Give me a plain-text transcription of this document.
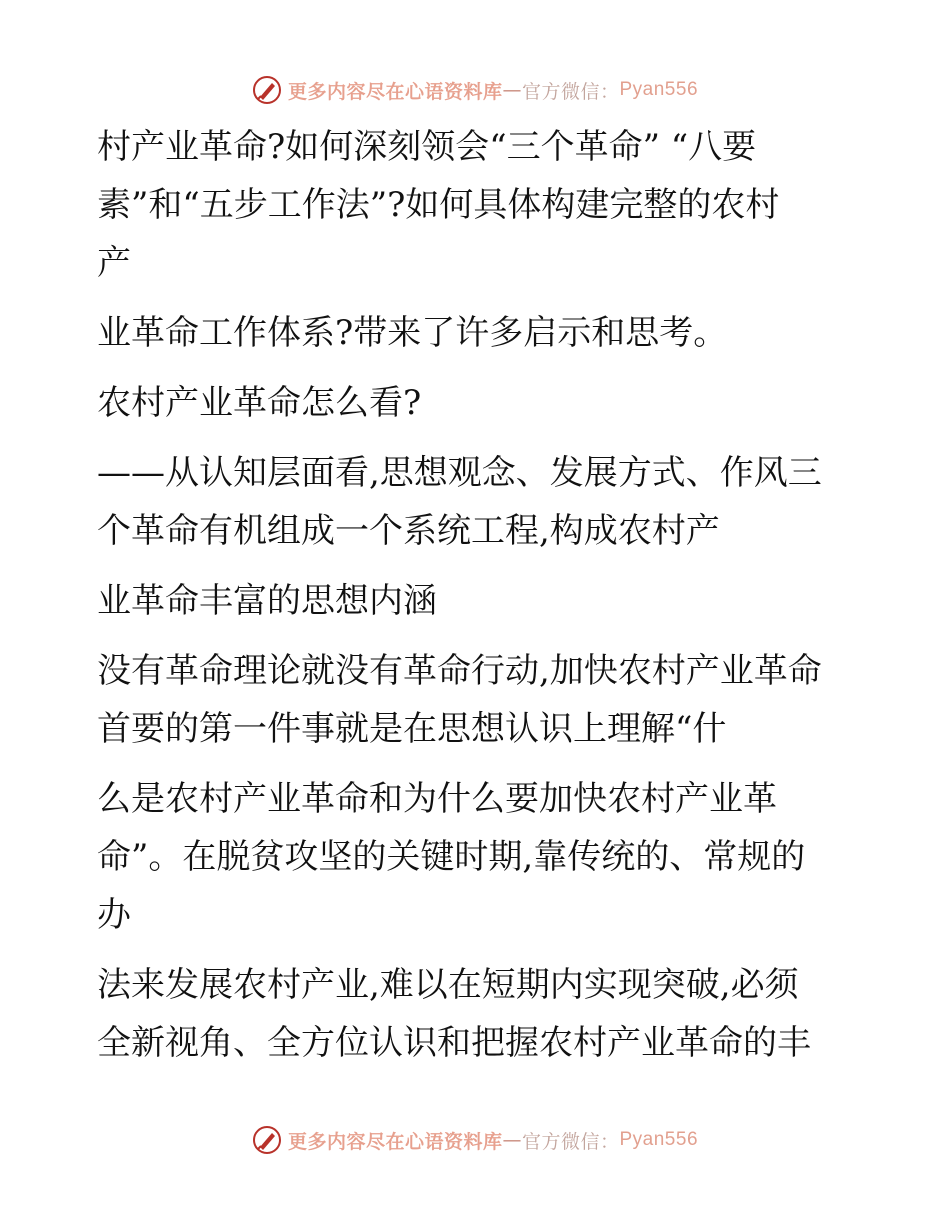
更多内容尽在心语资料库 — 官方微信： Pyan556
村产业革命?如何深刻领会“三个革命” “八要
素”和“五步工作法”?如何具体构建完整的农村
产
业革命工作体系?带来了许多启示和思考。
农村产业革命怎么看?
——从认知层面看,思想观念、发展方式、作风三
个革命有机组成一个系统工程,构成农村产
业革命丰富的思想内涵
没有革命理论就没有革命行动,加快农村产业革命
首要的第一件事就是在思想认识上理解“什
么是农村产业革命和为什么要加快农村产业革
命”。在脱贫攻坚的关键时期,靠传统的、常规的
办
法来发展农村产业,难以在短期内实现突破,必须
全新视角、全方位认识和把握农村产业革命的丰
更多内容尽在心语资料库 — 官方微信： Pyan556
